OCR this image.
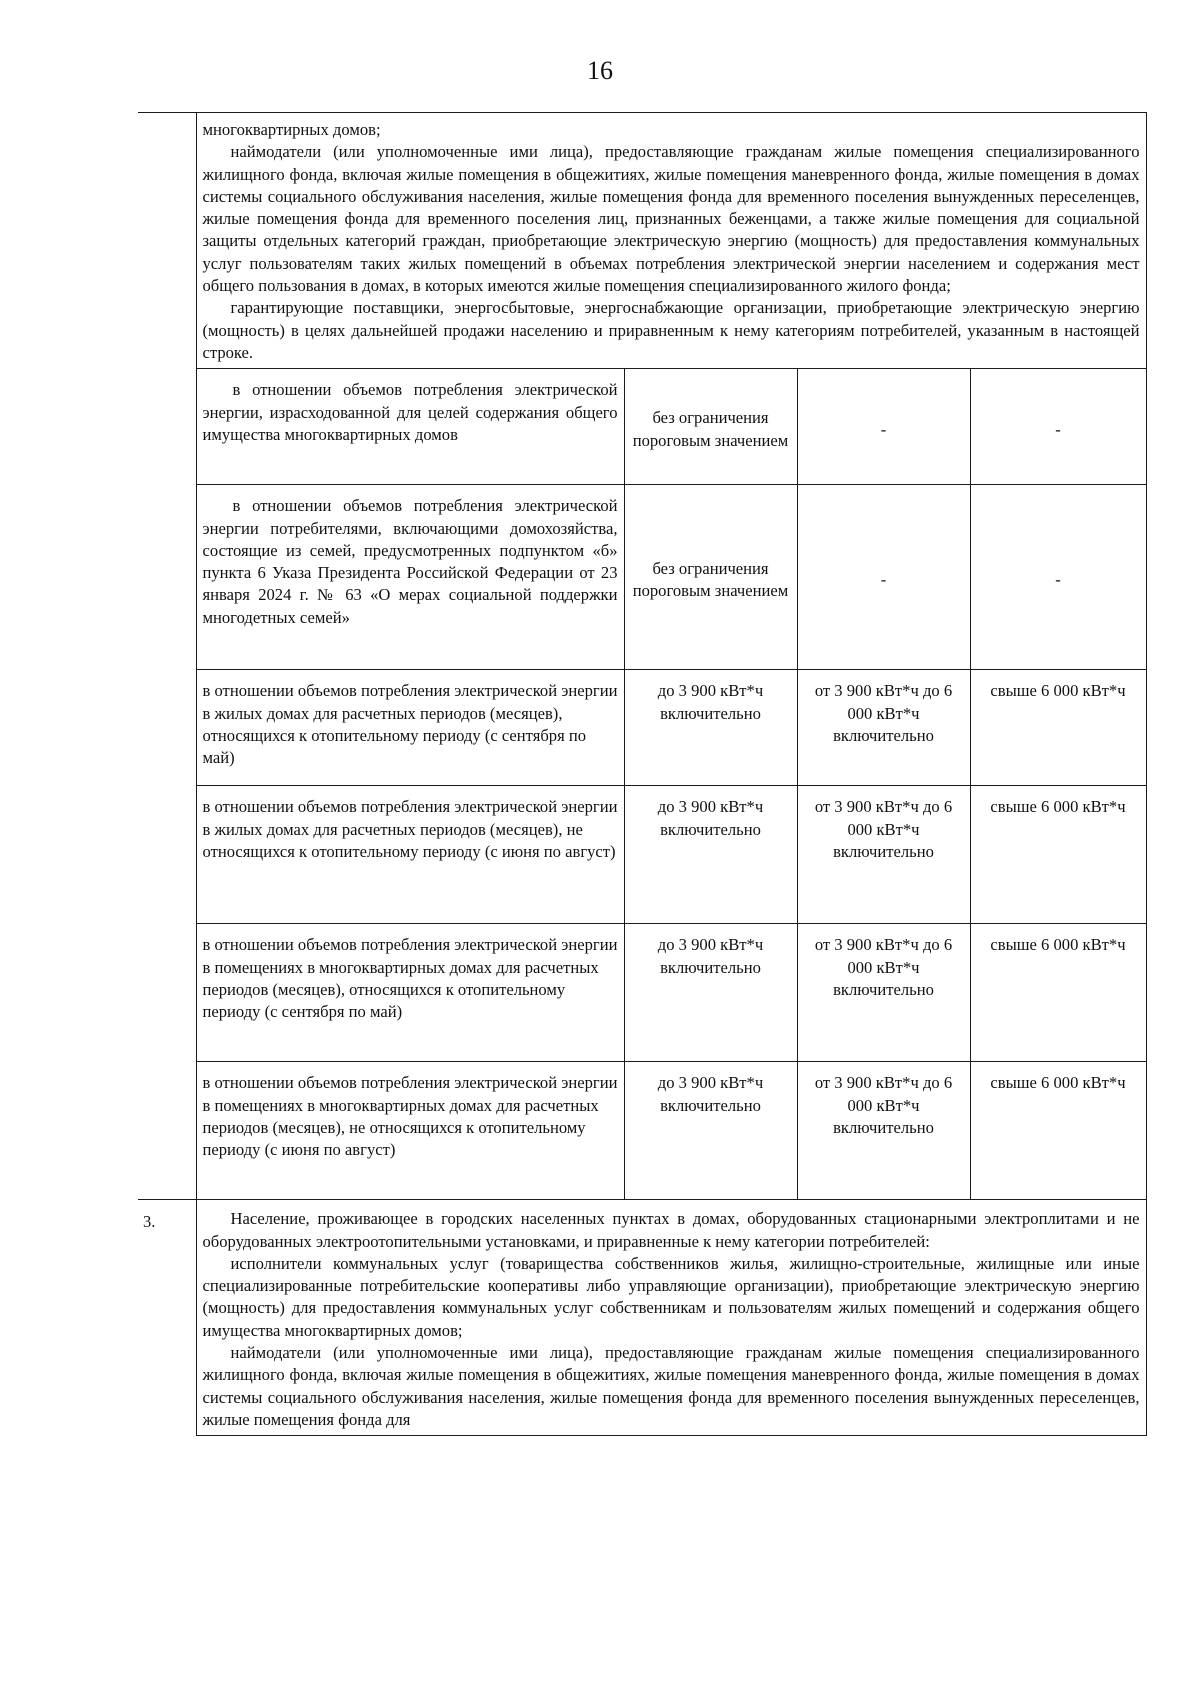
16

	многоквартирных домов;

наймодатели (или уполномоченные ими лица), предоставляющие гражданам жилые помещения специализированного жилищного фонда, включая жилые помещения в общежитиях, жилые помещения маневренного фонда, жилые помещения в домах системы социального обслуживания населения, жилые помещения фонда для временного поселения вынужденных переселенцев, жилые помещения фонда для временного поселения лиц, признанных беженцами, а также жилые помещения для социальной защиты отдельных категорий граждан, приобретающие электрическую энергию (мощность) для предоставления коммунальных услуг пользователям таких жилых помещений в объемах потребления электрической энергии населением и содержания мест общего пользования в домах, в которых имеются жилые помещения специализированного жилого фонда;

гарантирующие поставщики, энергосбытовые, энергоснабжающие организации, приобретающие электрическую энергию (мощность) в целях дальнейшей продажи населению и приравненным к нему категориям потребителей, указанным в настоящей строке.			

	в отношении объемов потребления электрической энергии, израсходованной для целей содержания общего имущества многоквартирных домов	без ограничения пороговым значением	-	-
	в отношении объемов потребления электрической энергии потребителями, включающими домохозяйства, состоящие из семей, предусмотренных подпунктом «б» пункта 6 Указа Президента Российской Федерации от 23 января 2024 г. № 63 «О мерах социальной поддержки многодетных семей»	без ограничения пороговым значением	-	-
	в отношении объемов потребления электрической энергии в жилых домах для расчетных периодов (месяцев), относящихся к отопительному периоду (с сентября по май)	до 3 900 кВт*ч включительно	от 3 900 кВт*ч до 6 000 кВт*ч включительно	свыше 6 000 кВт*ч
	в отношении объемов потребления электрической энергии в жилых домах для расчетных периодов (месяцев), не относящихся к отопительному периоду (с июня по август)	до 3 900 кВт*ч включительно	от 3 900 кВт*ч до 6 000 кВт*ч включительно	свыше 6 000 кВт*ч
	в отношении объемов потребления электрической энергии в помещениях в многоквартирных домах для расчетных периодов (месяцев), относящихся к отопительному периоду (с сентября по май)	до 3 900 кВт*ч включительно	от 3 900 кВт*ч до 6 000 кВт*ч включительно	свыше 6 000 кВт*ч
	в отношении объемов потребления электрической энергии в помещениях в многоквартирных домах для расчетных периодов (месяцев), не относящихся к отопительному периоду (с июня по август)	до 3 900 кВт*ч включительно	от 3 900 кВт*ч до 6 000 кВт*ч включительно	свыше 6 000 кВт*ч

3.	Население, проживающее в городских населенных пунктах в домах, оборудованных стационарными электроплитами и не оборудованных электроотопительными установками, и приравненные к нему категории потребителей:

исполнители коммунальных услуг (товарищества собственников жилья, жилищно-строительные, жилищные или иные специализированные потребительские кооперативы либо управляющие организации), приобретающие электрическую энергию (мощность) для предоставления коммунальных услуг собственникам и пользователям жилых помещений и содержания общего имущества многоквартирных домов;

наймодатели (или уполномоченные ими лица), предоставляющие гражданам жилые помещения специализированного жилищного фонда, включая жилые помещения в общежитиях, жилые помещения маневренного фонда, жилые помещения в домах системы социального обслуживания населения, жилые помещения фонда для временного поселения вынужденных переселенцев, жилые помещения фонда для			
